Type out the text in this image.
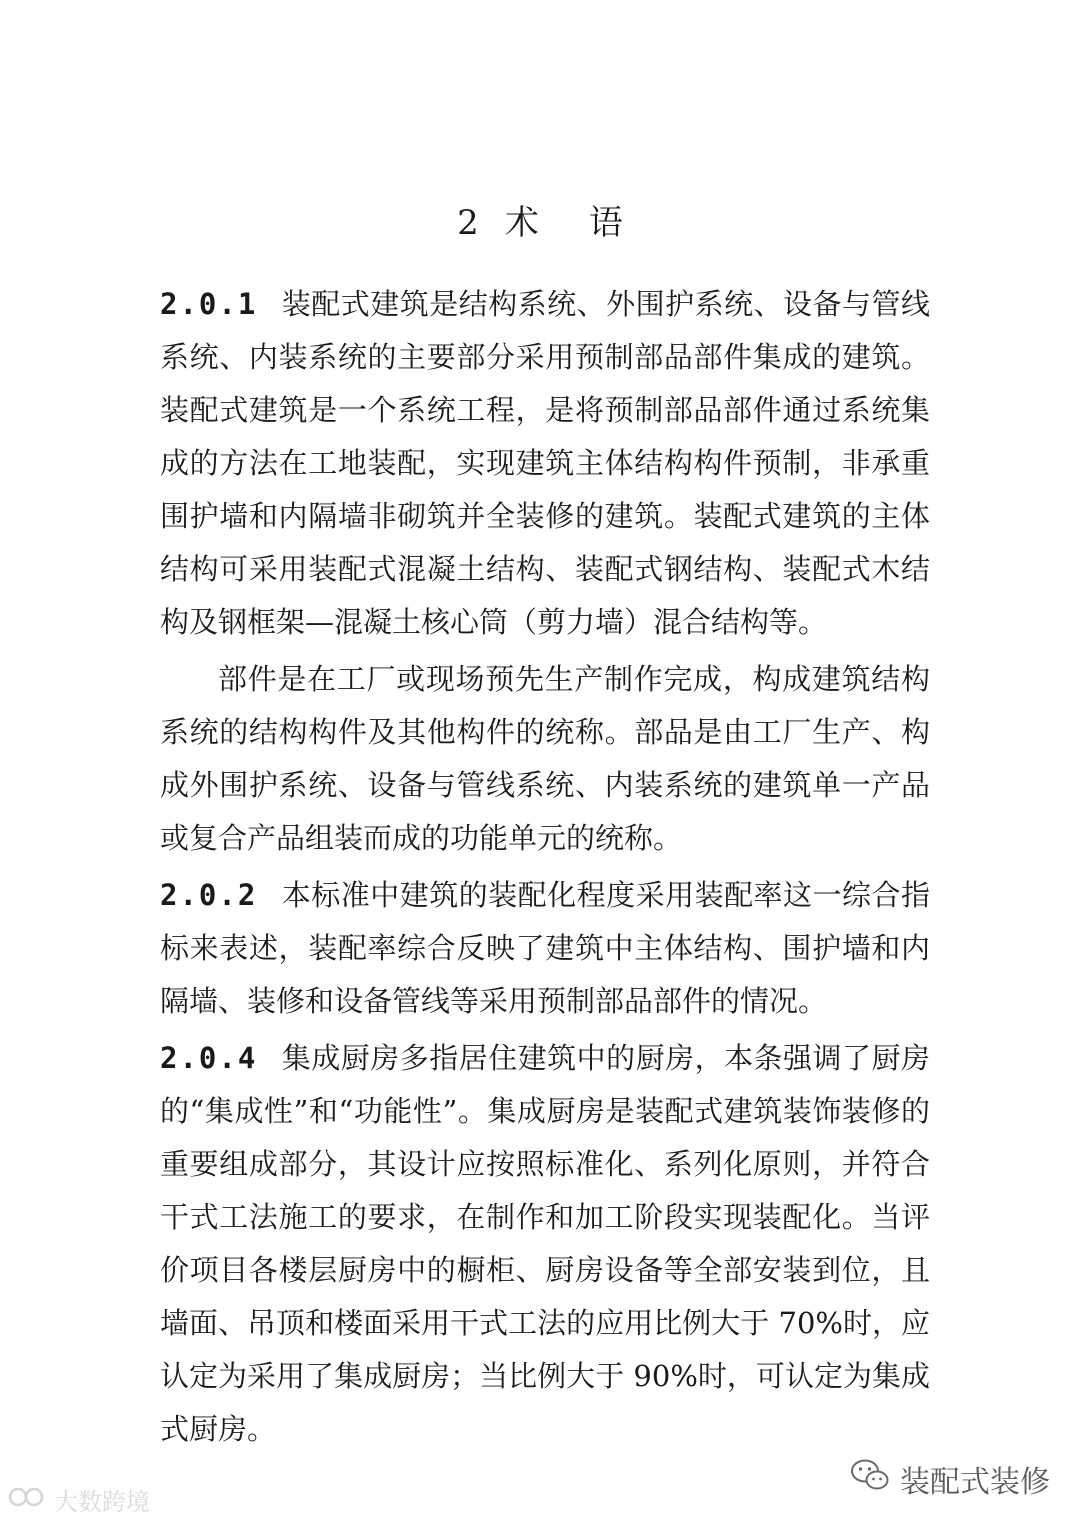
2 术 语

2.0.1 装配式建筑是结构系统、外围护系统、设备与管线系统、内装系统的主要部分采用预制部品部件集成的建筑。装配式建筑是一个系统工程，是将预制部品部件通过系统集成的方法在工地装配，实现建筑主体结构构件预制，非承重围护墙和内隔墙非砌筑并全装修的建筑。装配式建筑的主体结构可采用装配式混凝土结构、装配式钢结构、装配式木结构及钢框架—混凝土核心筒（剪力墙）混合结构等。

部件是在工厂或现场预先生产制作完成，构成建筑结构系统的结构构件及其他构件的统称。部品是由工厂生产、构成外围护系统、设备与管线系统、内装系统的建筑单一产品或复合产品组装而成的功能单元的统称。

2.0.2 本标准中建筑的装配化程度采用装配率这一综合指标来表述，装配率综合反映了建筑中主体结构、围护墙和内隔墙、装修和设备管线等采用预制部品部件的情况。

2.0.4 集成厨房多指居住建筑中的厨房，本条强调了厨房的“集成性”和“功能性”。集成厨房是装配式建筑装饰装修的重要组成部分，其设计应按照标准化、系列化原则，并符合干式工法施工的要求，在制作和加工阶段实现装配化。当评价项目各楼层厨房中的橱柜、厨房设备等全部安装到位，且墙面、吊顶和楼面采用干式工法的应用比例大于 70%时，应认定为采用了集成厨房；当比例大于 90%时，可认定为集成式厨房。

大数跨境
装配式装修
